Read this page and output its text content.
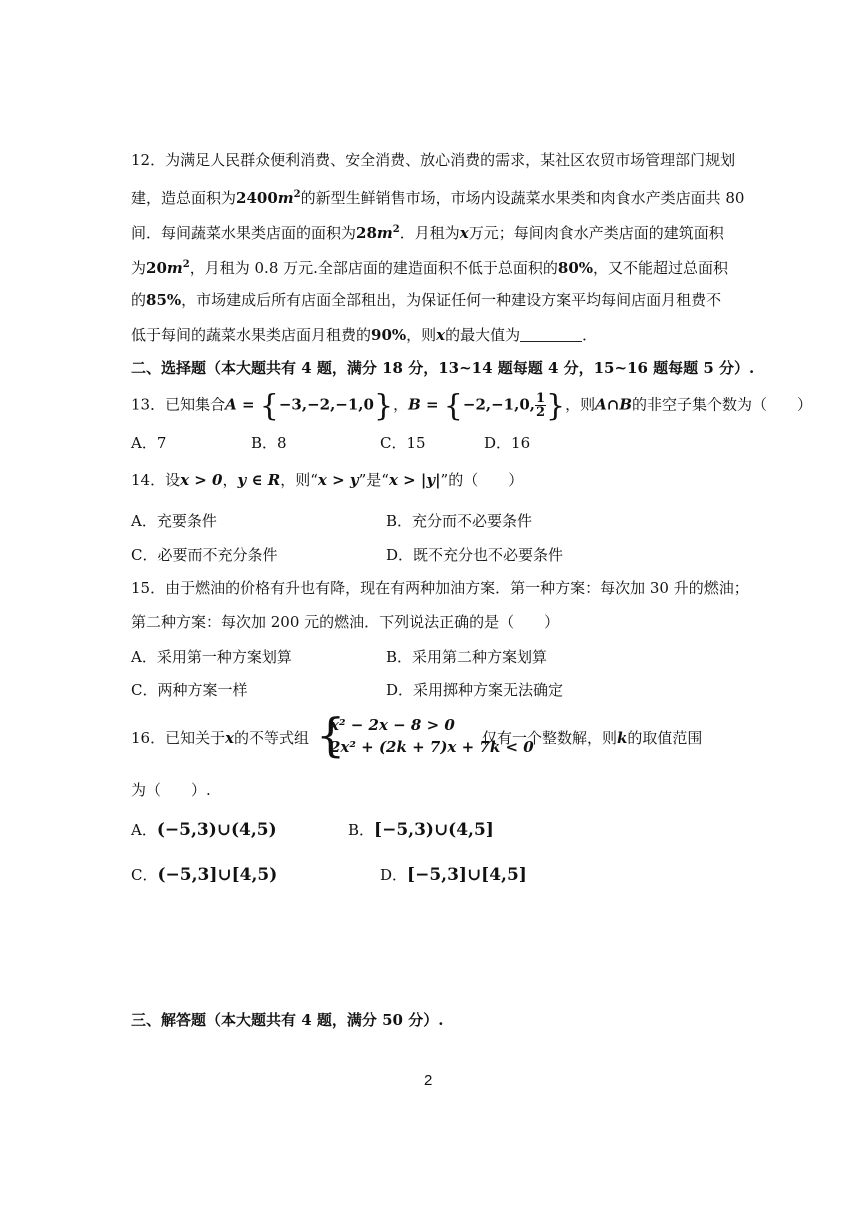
12．为满足人民群众便利消费、安全消费、放心消费的需求，某社区农贸市场管理部门规划
建，造总面积为$2400m^2$的新型生鲜销售市场，市场内设蔬菜水果类和肉食水产类店面共 80
间．每间蔬菜水果类店面的面积为$28m^2$．月租为x万元；每间肉食水产类店面的建筑面积
为$20m^2$，月租为 0.8 万元.全部店面的建造面积不低于总面积的80%，又不能超过总面积
的85%，市场建成后所有店面全部租出，为保证任何一种建设方案平均每间店面月租费不
低于每间的蔬菜水果类店面月租费的90%，则x的最大值为	．
二、选择题（本大题共有 4 题，满分 18 分，13~14 题每题 4 分，15~16 题每题 5 分）.
13．已知集合A = {−3,−2,−1,0}，B = {−2,−1,0, $\frac{1}{2}$ }，则A∩B的非空子集个数为（　　）
A．7	B．8	C．15	D．16
14．设x > 0，y ∈ R，则“x > y”是“x > |y|”的（　　）
A．充要条件	B．充分而不必要条件
C．必要而不充分条件	D．既不充分也不必要条件
15．由于燃油的价格有升也有降，现在有两种加油方案．第一种方案：每次加 30 升的燃油；
第二种方案：每次加 200 元的燃油．下列说法正确的是（　　）
A．采用第一种方案划算	B．采用第二种方案划算
C．两种方案一样	D．采用掷种方案无法确定
16．已知关于x的不等式组 {
x² − 2x − 8 > 0
2x² + (2k + 7)x + 7k < 0
仅有一个整数解，则k的取值范围
为（　　）.
A．(−5,3)∪(4,5)	B．[−5,3)∪(4,5]
C．(−5,3]∪[4,5)	D．[−5,3]∪[4,5]
三、解答题（本大题共有 4 题，满分 50 分）.
2
